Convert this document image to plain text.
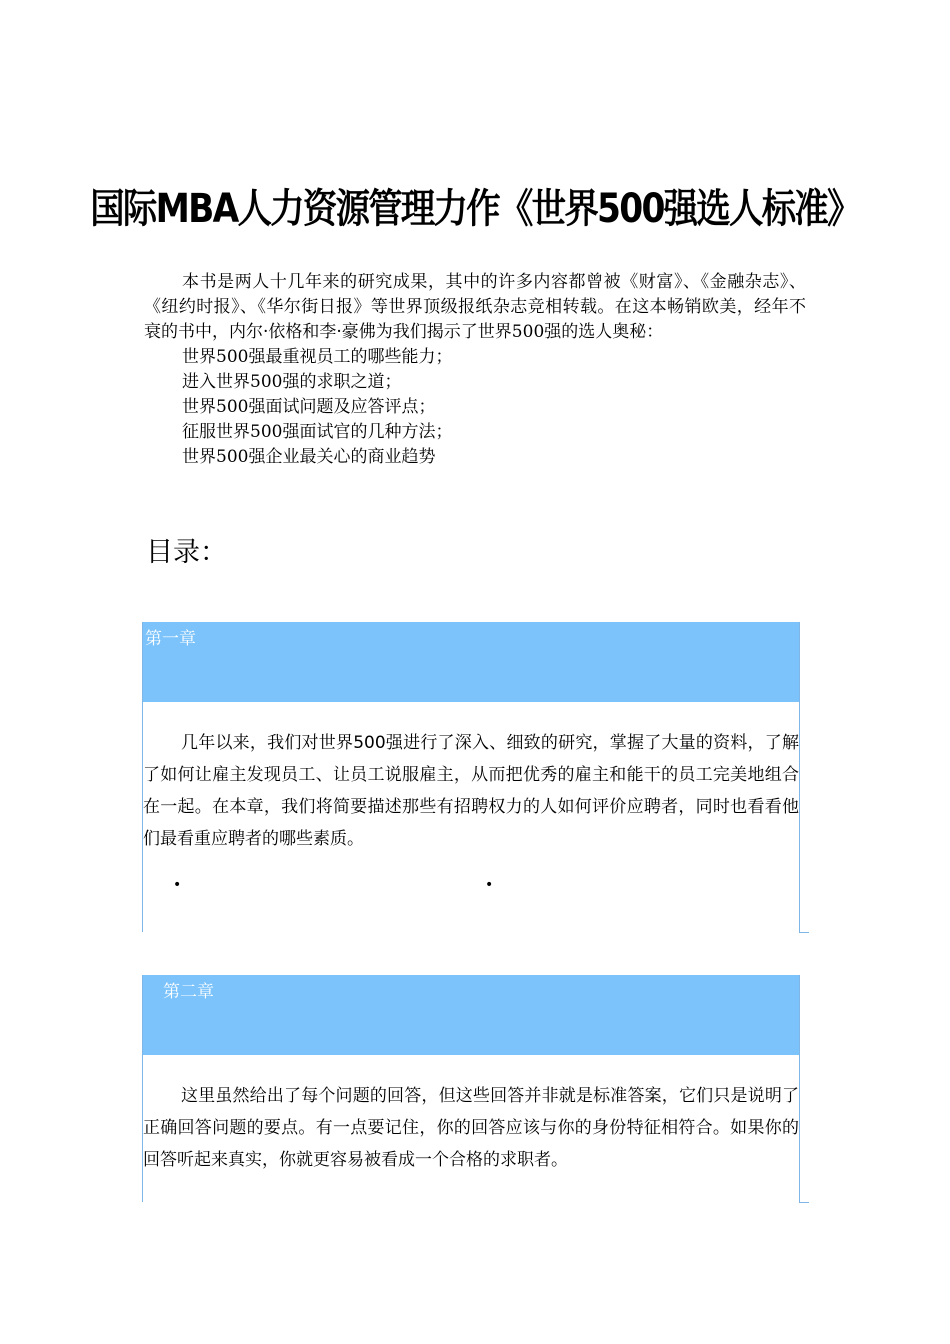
国际MBA人力资源管理力作《世界500强选人标准》

本书是两人十几年来的研究成果，其中的许多内容都曾被《财富》、《金融杂志》、《纽约时报》、《华尔街日报》等世界顶级报纸杂志竞相转载。在这本畅销欧美，经年不衰的书中，内尔·依格和李·豪佛为我们揭示了世界500强的选人奥秘：

世界500强最重视员工的哪些能力；

进入世界500强的求职之道；

世界500强面试问题及应答评点；

征服世界500强面试官的几种方法；

世界500强企业最关心的商业趋势

目录：
第一章

几年以来，我们对世界500强进行了深入、细致的研究，掌握了大量的资料，了解了如何让雇主发现员工、让员工说服雇主，从而把优秀的雇主和能干的员工完美地组合在一起。在本章，我们将简要描述那些有招聘权力的人如何评价应聘者，同时也看看他们最看重应聘者的哪些素质。

•	•
第二章

这里虽然给出了每个问题的回答，但这些回答并非就是标准答案，它们只是说明了正确回答问题的要点。有一点要记住，你的回答应该与你的身份特征相符合。如果你的回答听起来真实，你就更容易被看成一个合格的求职者。
